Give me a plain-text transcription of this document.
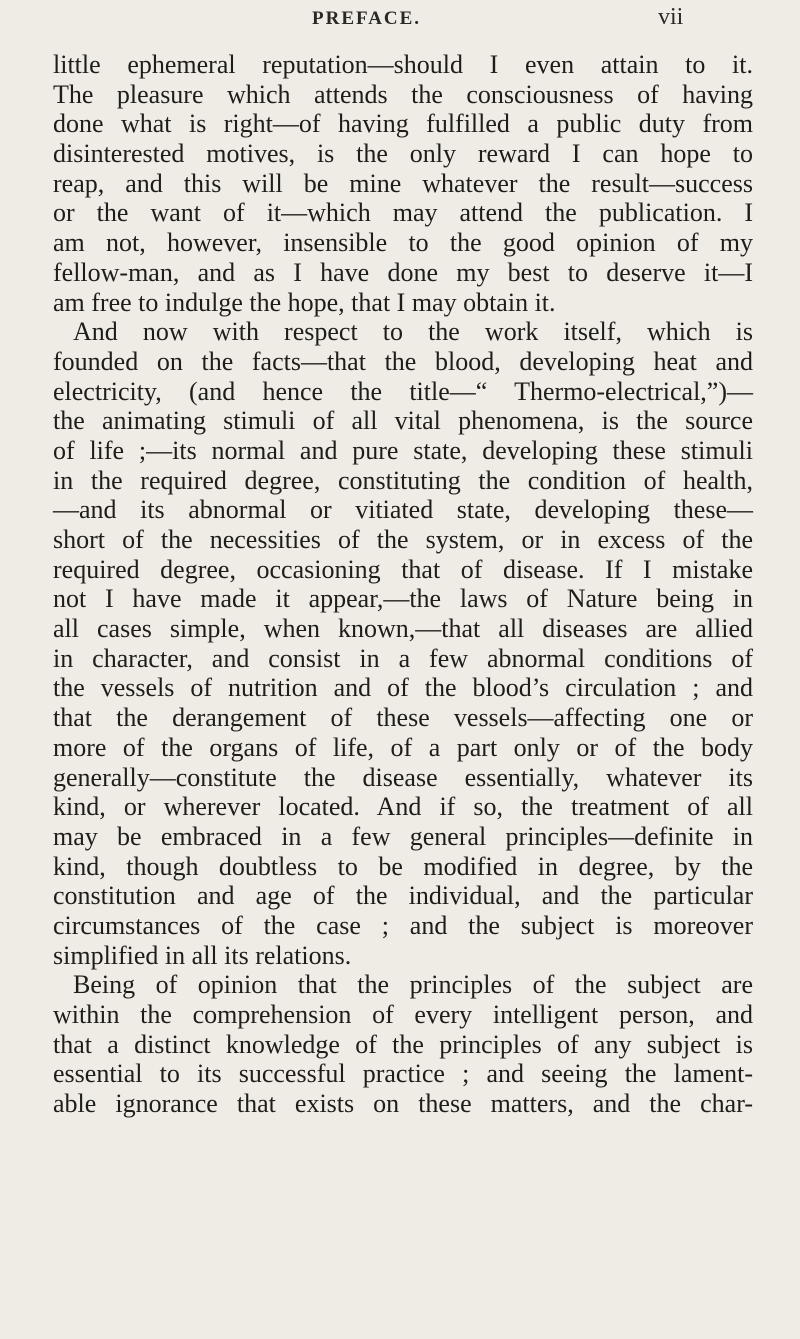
PREFACE.	vii
little ephemeral reputation—should I even attain to it.
The pleasure which attends the consciousness of having
done what is right—of having fulfilled a public duty from
disinterested motives, is the only reward I can hope to
reap, and this will be mine whatever the result—success
or the want of it—which may attend the publication. I
am not, however, insensible to the good opinion of my
fellow-man, and as I have done my best to deserve it—I
am free to indulge the hope, that I may obtain it.
And now with respect to the work itself, which is
founded on the facts—that the blood, developing heat and
electricity, (and hence the title—“ Thermo-electrical,”)—
the animating stimuli of all vital phenomena, is the source
of life ;—its normal and pure state, developing these stimuli
in the required degree, constituting the condition of health,
—and its abnormal or vitiated state, developing these—
short of the necessities of the system, or in excess of the
required degree, occasioning that of disease. If I mistake
not I have made it appear,—the laws of Nature being in
all cases simple, when known,—that all diseases are allied
in character, and consist in a few abnormal conditions of
the vessels of nutrition and of the blood’s circulation ; and
that the derangement of these vessels—affecting one or
more of the organs of life, of a part only or of the body
generally—constitute the disease essentially, whatever its
kind, or wherever located. And if so, the treatment of all
may be embraced in a few general principles—definite in
kind, though doubtless to be modified in degree, by the
constitution and age of the individual, and the particular
circumstances of the case ; and the subject is moreover
simplified in all its relations.
Being of opinion that the principles of the subject are
within the comprehension of every intelligent person, and
that a distinct knowledge of the principles of any subject is
essential to its successful practice ; and seeing the lament-
able ignorance that exists on these matters, and the char-
